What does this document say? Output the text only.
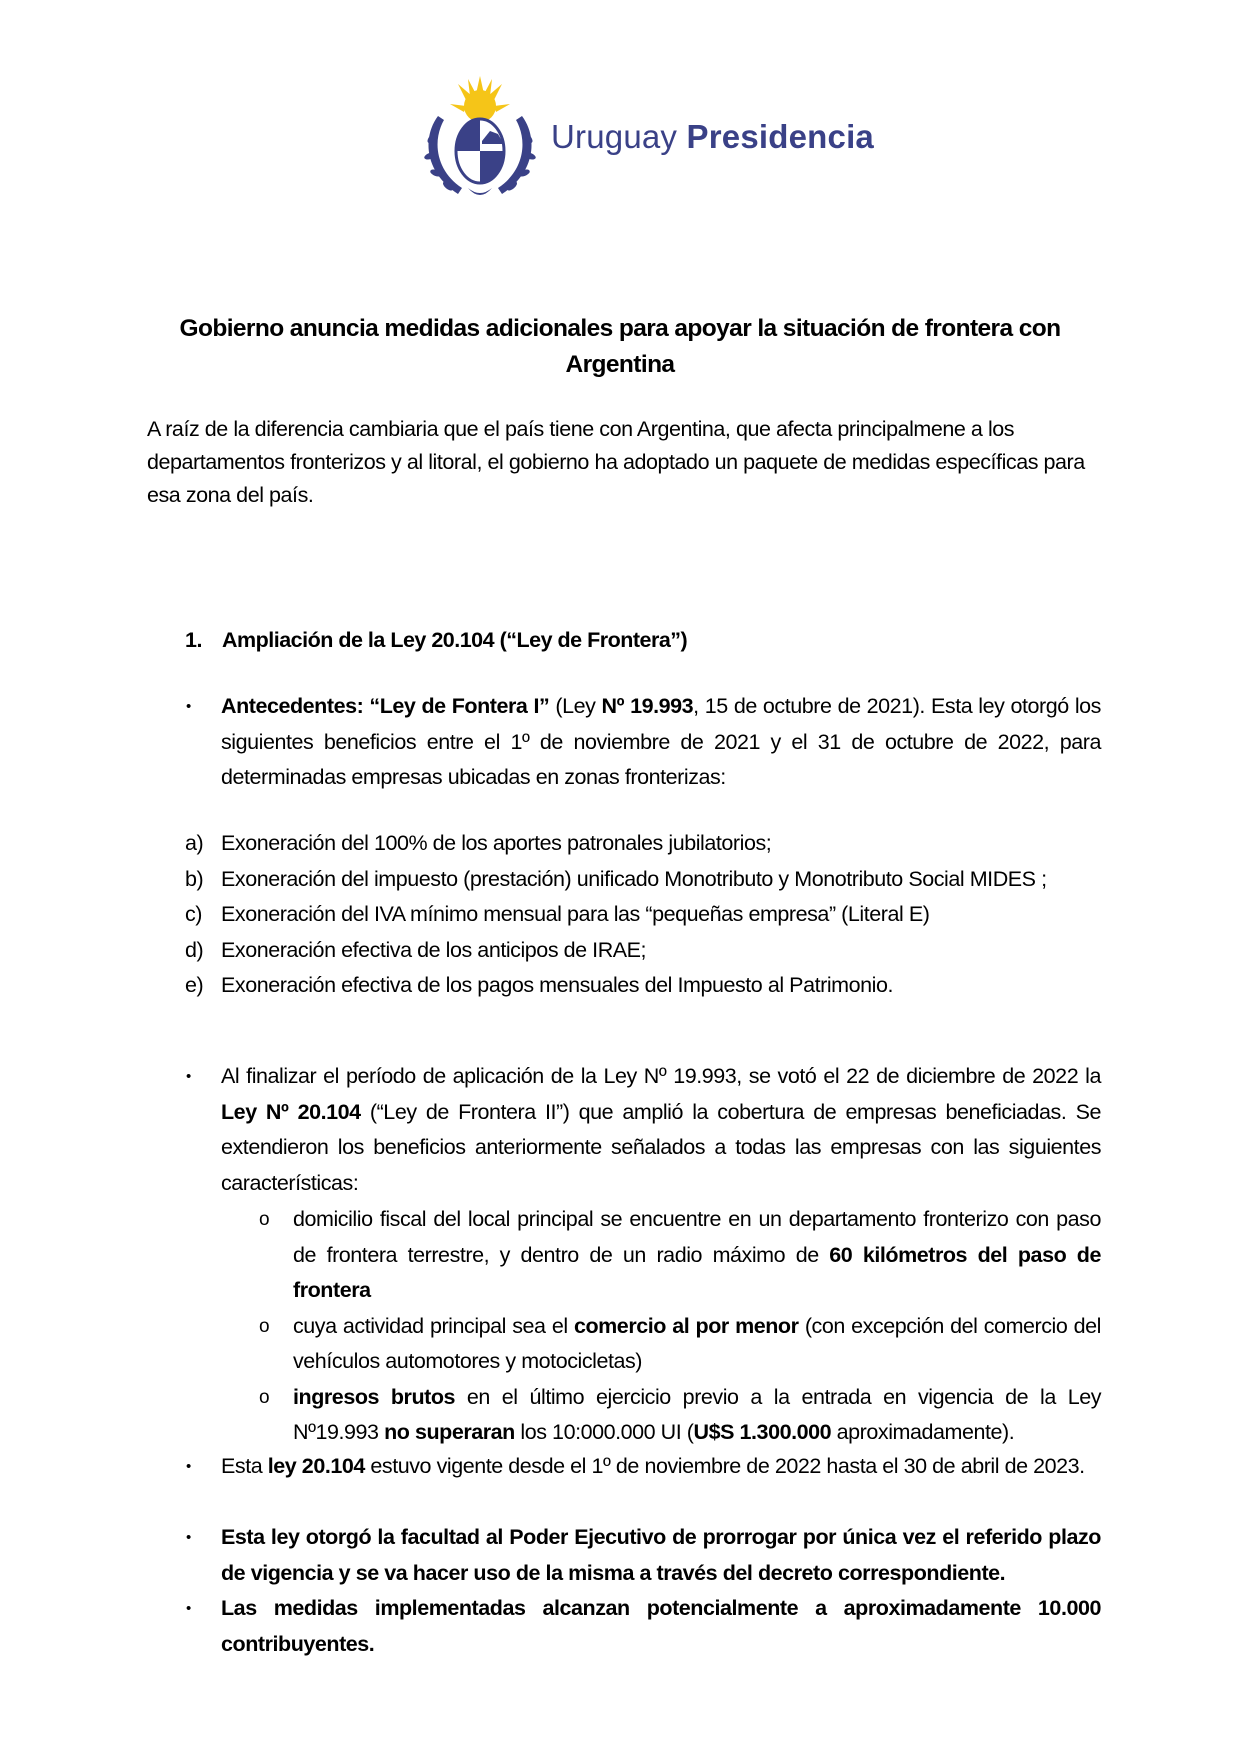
Uruguay Presidencia
Gobierno anuncia medidas adicionales para apoyar la situación de frontera con
Argentina
A raíz de la diferencia cambiaria que el país tiene con Argentina, que afecta principalmene a los departamentos fronterizos y al litoral, el gobierno ha adoptado un paquete de medidas específicas para esa zona del país.
1. Ampliación de la Ley 20.104 (“Ley de Frontera”)
• Antecedentes: “Ley de Fontera I” (Ley Nº 19.993, 15 de octubre de 2021). Esta ley otorgó los siguientes beneficios entre el 1º de noviembre de 2021 y el 31 de octubre de 2022, para determinadas empresas ubicadas en zonas fronterizas:
a) Exoneración del 100% de los aportes patronales jubilatorios;
b) Exoneración del impuesto (prestación) unificado Monotributo y Monotributo Social MIDES ;
c) Exoneración del IVA mínimo mensual para las “pequeñas empresa” (Literal E)
d) Exoneración efectiva de los anticipos de IRAE;
e) Exoneración efectiva de los pagos mensuales del Impuesto al Patrimonio.
• Al finalizar el período de aplicación de la Ley Nº 19.993, se votó el 22 de diciembre de 2022 la Ley Nº 20.104 (“Ley de Frontera II”) que amplió la cobertura de empresas beneficiadas. Se extendieron los beneficios anteriormente señalados a todas las empresas con las siguientes características:
o domicilio fiscal del local principal se encuentre en un departamento fronterizo con paso de frontera terrestre, y dentro de un radio máximo de 60 kilómetros del paso de frontera
o cuya actividad principal sea el comercio al por menor (con excepción del comercio del vehículos automotores y motocicletas)
o ingresos brutos en el último ejercicio previo a la entrada en vigencia de la Ley Nº19.993 no superaran los 10:000.000 UI (U$S 1.300.000 aproximadamente).
• Esta ley 20.104 estuvo vigente desde el 1º de noviembre de 2022 hasta el 30 de abril de 2023.
• Esta ley otorgó la facultad al Poder Ejecutivo de prorrogar por única vez el referido plazo de vigencia y se va hacer uso de la misma a través del decreto correspondiente.
• Las medidas implementadas alcanzan potencialmente a aproximadamente 10.000 contribuyentes.
